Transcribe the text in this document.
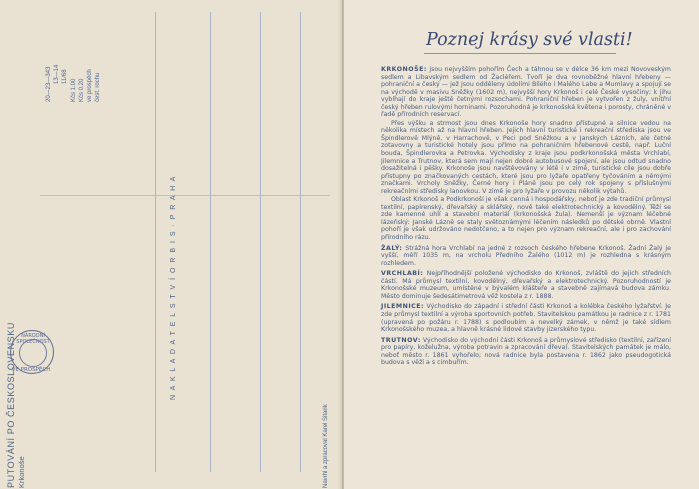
PUTOVÁNÍ PO ČESKOSLOVENSKU Krkonoše
N A K L A D A T E L S T V Í O R B I S · P R A H A
Navrhl a zpracoval Karel Sitarik
20—23—343 13—14 11/68
Kčs 1.00 Kčs 0.20 ve prospěch čest. rochu
NÁRODNÍ SPOLEČNOST
VE PROSPĚCH
Poznej krásy své vlasti!

KRKONOŠE: jsou nejvyšším pohořím Čech a táhnou se v délce 36 km mezi Novoveským sedlem a Libavským sedlem od Žacléřem. Tvoří je dva rovnoběžné hlavní hřebeny — pohraniční a český — jež jsou odděleny údolími Bílého i Malého Labe a Mumlavy a spojují se na východě v masivu Sněžky (1602 m), nejvyšší hory Krkonoš i celé České vysočiny; k jihu vybíhají do kraje ještě četnými rozsochami. Pohraniční hřeben je vytvořen z žuly, vnitřní český hřeben rulovými horninami. Pozoruhodná je krkonošská květena i porosty, chráněné v řadě přírodních reservací.

Přes výšku a strmost jsou dnes Krkonoše hory snadno přístupné a silnice vedou na několika místech až na hlavní hřeben. Jejich hlavní turistické i rekreační střediska jsou ve Špindlerově Mlýně, v Harrachově, v Peci pod Sněžkou a v Janských Lázních, ale četné zotavovny a turistické hotely jsou přímo na pohraničním hřebenové cestě, např. Luční bouda, Špindlerovka a Petrovka. Východisky z kraje jsou podkrkonošská města Vrchlabí, Jilemnice a Trutnov, která sem mají nejen dobré autobusové spojení, ale jsou odtud snadno dosažitelná i pěšky. Krkonoše jsou navštěvovány v létě i v zimě, turistické cíle jsou dobře přístupny po značkovaných cestách, které jsou pro lyžaře opatřeny tyčováním a němými značkami. Vrcholy Sněžky, Černé hory i Pláně jsou po celý rok spojeny s příslušnými rekreačními středisky lanovkou. V zimě je pro lyžaře v provozu několik výtahů.

Oblast Krkonoš a Podkrkonoší je však cenná i hospodářsky, neboť je zde tradiční průmysl textilní, papírenský, dřevařský a sklářský, nově také elektrotechnický a kovodělný. Těží se zde kamenné uhlí a stavební materiál (krkonošská žula). Nemenší je význam léčebné lázeňský: Janské Lázně se staly světoznámými léčením následků po dětské obrně. Vlastní pohoří je však udržováno nedotčeno, a to nejen pro význam rekreační, ale i pro zachování přírodního rázu.

ŽALÝ: Strážná hora Vrchlabí na jedné z rozsoch českého hřebene Krkonoš. Žadní Žalý je vyšší, měří 1035 m, na vrcholu Předního Žalého (1012 m) je rozhledna s krásným rozhledem.

VRCHLABÍ: Nejpříhodnější položené východisko do Krkonoš, zvláště do jejich středních částí. Má průmysl textilní, kovodělný, dřevařský a elektrotechnický. Pozoruhodností je Krkonošské muzeum, umístěné v bývalém klášteře a stavebně zajímavá budova zámku. Město dominuje šedesátimetrová věž kostela z r. 1888.

JILEMNICE: Východisko do západní i střední části Krkonoš a kolébka českého lyžařství. Je zde průmysl textilní a výroba sportovních potřeb. Stavitelskou památkou je radnice z r. 1781 (upravená po požáru r. 1788) s podloubím a nevelký zámek, v němž je také sídlem Krkonošského muzea, a hlavně krásné lidové stavby jizerského typu.

TRUTNOV: Východisko do východní části Krkonoš a průmyslové středisko (textilní, zařízení pro papíry, koželužna, výroba potravin a zpracování dřeva). Stavitelských památek je málo, neboť město r. 1861 vyhořelo; nová radnice byla postavena r. 1862 jako pseudogotická budova s věží a s cimbuřím.
